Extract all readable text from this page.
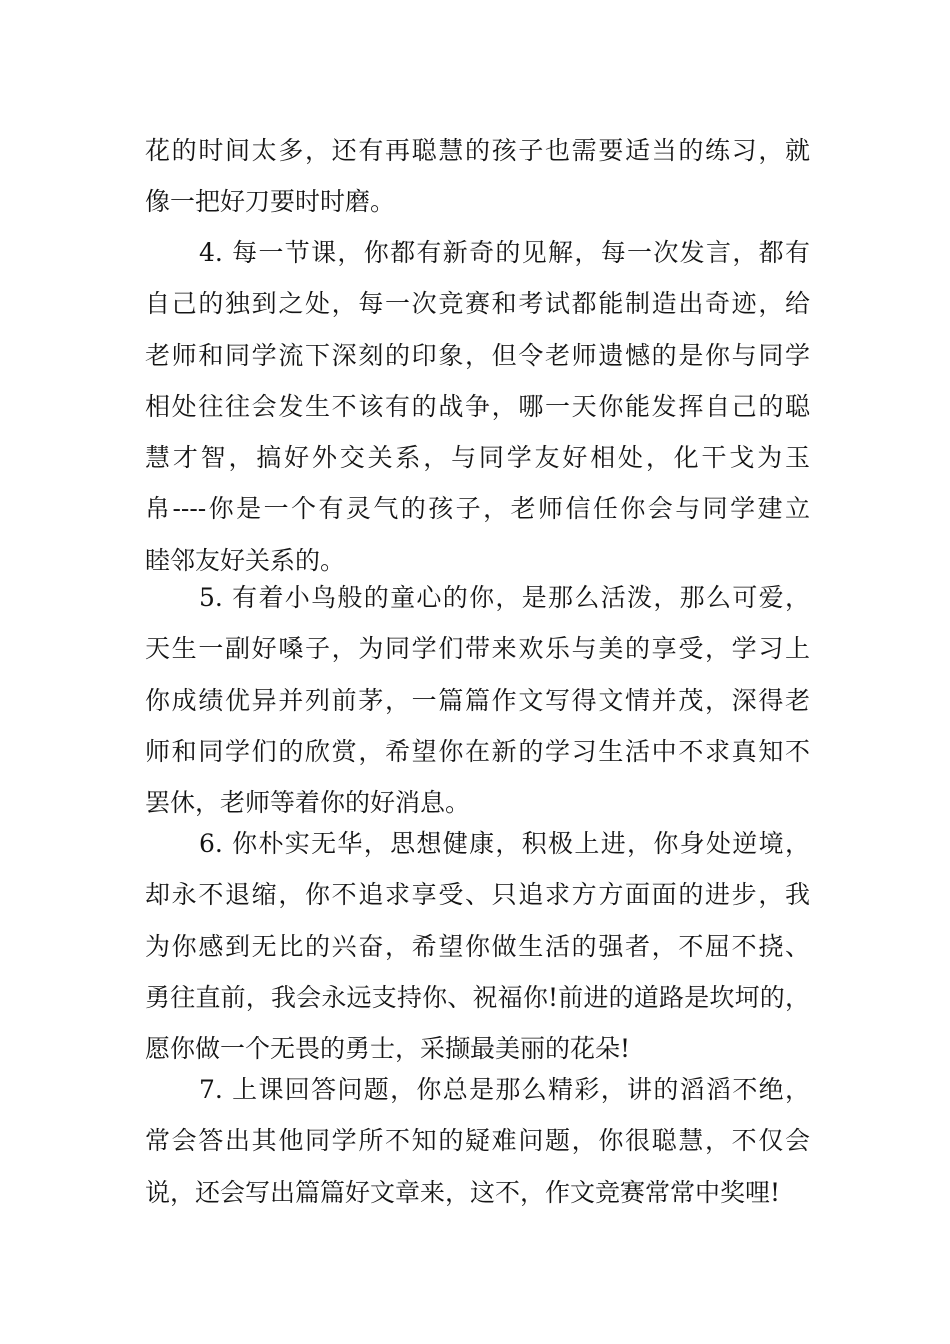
花的时间太多，还有再聪慧的孩子也需要适当的练习，就
像一把好刀要时时磨。
4. 每一节课，你都有新奇的见解，每一次发言，都有
自己的独到之处，每一次竞赛和考试都能制造出奇迹，给
老师和同学流下深刻的印象，但令老师遗憾的是你与同学
相处往往会发生不该有的战争，哪一天你能发挥自己的聪
慧才智，搞好外交关系，与同学友好相处，化干戈为玉
帛----你是一个有灵气的孩子，老师信任你会与同学建立
睦邻友好关系的。
5. 有着小鸟般的童心的你，是那么活泼，那么可爱，
天生一副好嗓子，为同学们带来欢乐与美的享受，学习上
你成绩优异并列前茅，一篇篇作文写得文情并茂，深得老
师和同学们的欣赏，希望你在新的学习生活中不求真知不
罢休，老师等着你的好消息。
6. 你朴实无华，思想健康，积极上进，你身处逆境，
却永不退缩，你不追求享受、只追求方方面面的进步，我
为你感到无比的兴奋，希望你做生活的强者，不屈不挠、
勇往直前，我会永远支持你、祝福你!前进的道路是坎坷的，
愿你做一个无畏的勇士，采撷最美丽的花朵!
7. 上课回答问题，你总是那么精彩，讲的滔滔不绝，
常会答出其他同学所不知的疑难问题，你很聪慧，不仅会
说，还会写出篇篇好文章来，这不，作文竞赛常常中奖哩!
